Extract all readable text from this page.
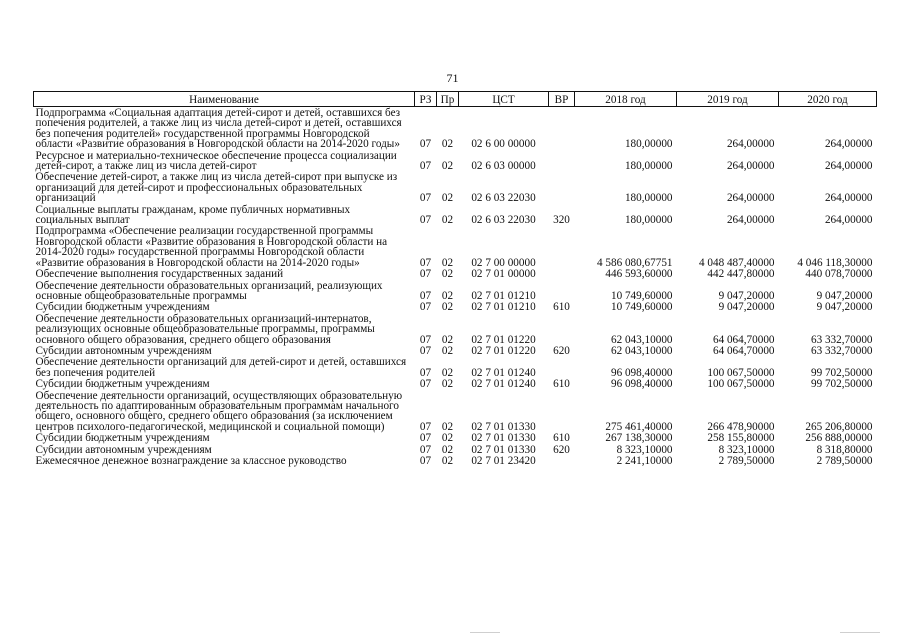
71
Наименование	РЗ	Пр	ЦСТ	ВР	2018 год	2019 год	2020 год
Подпрограмма «Социальная адаптация детей-сирот и детей, оставшихся без попечения родителей, а также лиц из числа детей-сирот и детей, оставшихся без попечения родителей» государственной программы Новгородской области «Развитие образования в Новгородской области на 2014-2020 годы»	07	02	02 6 00 00000		180,00000	264,00000	264,00000
Ресурсное и материально-техническое обеспечение процесса социализации детей-сирот, а также лиц из числа детей-сирот	07	02	02 6 03 00000		180,00000	264,00000	264,00000
Обеспечение детей-сирот, а также лиц из числа детей-сирот при выпуске из организаций для детей-сирот и профессиональных образовательных организаций	07	02	02 6 03 22030		180,00000	264,00000	264,00000
Социальные выплаты гражданам, кроме публичных нормативных социальных выплат	07	02	02 6 03 22030	320	180,00000	264,00000	264,00000
Подпрограмма «Обеспечение реализации государственной программы Новгородской области «Развитие образования в Новгородской области на 2014-2020 годы» государственной программы Новгородской области «Развитие образования в Новгородской области на 2014-2020 годы»	07	02	02 7 00 00000		4 586 080,67751	4 048 487,40000	4 046 118,30000
Обеспечение выполнения государственных заданий	07	02	02 7 01 00000		446 593,60000	442 447,80000	440 078,70000
Обеспечение деятельности образовательных организаций, реализующих основные общеобразовательные программы	07	02	02 7 01 01210		10 749,60000	9 047,20000	9 047,20000
Субсидии бюджетным учреждениям	07	02	02 7 01 01210	610	10 749,60000	9 047,20000	9 047,20000
Обеспечение деятельности образовательных организаций-интернатов, реализующих основные общеобразовательные программы, программы основного общего образования, среднего общего образования	07	02	02 7 01 01220		62 043,10000	64 064,70000	63 332,70000
Субсидии автономным учреждениям	07	02	02 7 01 01220	620	62 043,10000	64 064,70000	63 332,70000
Обеспечение деятельности организаций для детей-сирот и детей, оставшихся без попечения родителей	07	02	02 7 01 01240		96 098,40000	100 067,50000	99 702,50000
Субсидии бюджетным учреждениям	07	02	02 7 01 01240	610	96 098,40000	100 067,50000	99 702,50000
Обеспечение деятельности организаций, осуществляющих образовательную деятельность по адаптированным образовательным программам начального общего, основного общего, среднего общего образования (за исключением центров психолого-педагогической, медицинской и социальной помощи)	07	02	02 7 01 01330		275 461,40000	266 478,90000	265 206,80000
Субсидии бюджетным учреждениям	07	02	02 7 01 01330	610	267 138,30000	258 155,80000	256 888,00000
Субсидии автономным учреждениям	07	02	02 7 01 01330	620	8 323,10000	8 323,10000	8 318,80000
Ежемесячное денежное вознаграждение за классное руководство	07	02	02 7 01 23420		2 241,10000	2 789,50000	2 789,50000
